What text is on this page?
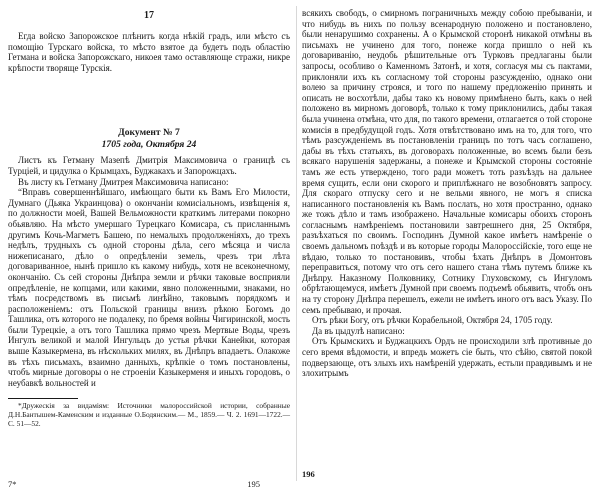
17

Егда войско Запорожское плѣнитъ когда нѣкій градъ, или мѣсто съ помощію Турскаго войска, то мѣсто взятое да будетъ подъ областію Гетмана и войска Запорожскаго, никоея тамо оставляюще стражи, никре крѣпости творяще Турскія.

Документ № 7
1705 года, Октября 24

Листъ къ Гетману Мазепѣ Дмитрія Максимовича о границѣ съ Турціей, и цидулка о Крымцахъ, Буджакахъ и Запорожцахъ.

Въ листу къ Гетману Дмитрея Максимовича написано:

“Вправъ совершеннѣйшаго, имѣющаго быти къ Вамъ Его Милости, Думнаго (Дьяка Украинцова) о окончаніи комисіальномъ, извѣщенія я, по должности моей, Вашей Вельможности краткимъ литерами покорно обьявляю. На мѣсто умершаго Турецкаго Комисара, съ присланнымъ другимъ Кочь-Магметъ Башею, по немалыхъ продолженіяхъ, до трехъ недѣлъ, трудныхъ съ одной стороны дѣла, сего мѣсяца и числа нижеписанаго, дѣло о опредѣленіи земель, чрезъ три лѣта договариванное, нынѣ пришло къ какому нибудь, хотя не всеконечному, окончанію. Съ сей стороны Днѣпра земли и рѣчки таковые восприяли опредѣленіе, не копцами, или какими, явно положенными, знаками, но тѣмъ посредствомъ въ письмѣ линѣйно, таковымъ порядкомъ и расположеніемъ: отъ Польской границы внизъ рѣкою Богомъ до Ташлика, отъ которого не подалеку, по бремя войны Чигиринской, мость были Турецкіе, а отъ того Ташлика прямо чрезъ Мертвые Воды, чрезъ Ингулъ великой и малой Ингульцъ до устья рѣчки Канейки, которая выше Казыкермена, въ нѣскольких милях, въ Днѣпръ впадаетъ. Олакоже въ тѣхъ письмахъ, взаимно данныхъ, крѣпкіе о томъ постановлены, чтобъ мирные договоры о не строеніи Казыкерменя и иныхъ городовъ, о неубавкѣ вольностей и

*Дружескія за видаміям: Источники малороссийской истории, собранные Д.Н.Бантышем-Каменским и изданные О.Бодянским.— М., 1859.— Ч. 2. 1691—1722.— С. 51—52.

7*	195

всякихъ свободъ, о смирномъ пограничныхъ между собою пребываніи, и что нибудь въ нихъ по пользу всенародную положено и постановлено, были ненарушимо сохранены. А о Крымской сторонѣ никакой отмѣны въ письмахъ не учинено для того, понеже когда пришло о ней къ договариванію, неудобь рѣшительные отъ Турковъ предлаганы были запросы, особливо о Каменномъ Затонѣ, и хотя, согласуя мы съ пактами, приклоняли ихъ къ согласному той стороны разсужденію, однако они волею за причину строяся, и того по нашему предложенію принять и описать не восхотѣли, дабы тако къ новому примѣнено быть, какъ о ней положено въ мирномъ договорѣ, только к тому приклонились, дабы такая была учинена отмѣна, что для, по такого времени, отлагается о той стороне комисія в предбудущой годъ. Хотя отвѣтствовано имъ на то, для того, что тѣмъ разсужденіемъ въ постановленіи границъ по тотъ часъ соглашено, дабы въ тѣхъ статьяхъ, въ договорахъ положенные, во всемъ были безъ всякаго нарушенія задержаны, а понеже и Крымской стороны состояніе тамъ же есть утверждено, того ради можетъ тоть разъѣздъ на дальнее время сущить, если они скорого и приплѣжнаго не возобновятъ запросу. Для скораго отпуску сего и не вельми явного, не могъ я списка написанного постановленія къ Вамъ послать, но хотя пространно, однако же тожъ дѣло и тамъ изображено. Начальные комисары обоихъ сторонъ согласнымъ намѣреніемъ постановили завтрешнего дня, 25 Октября, разъѣхаться по своимъ. Господинъ Думной какое имѣетъ намѣреніе о своемъ дальномъ поѣздѣ и въ которые городы Малороссійскіе, того еще не вѣдаю, только то постановивъ, чтобы ѣхать Днѣпръ в Домонтовъ переправиться, потому что отъ сего нашего стана тѣмъ путемъ ближе къ Днѣпру. Наказному Полковнику, Сотнику Глуховскому, съ Ингуломъ обрѣтающемуся, имѣетъ Думной при своемъ подъемѣ обьявить, чтобъ онъ на ту сторону Днѣпра перешелъ, ежели не имѣетъ иного отъ васъ Указу. По семъ пребываю, и прочая.

Отъ рѣки Богу, отъ рѣчки Корабельной, Октября 24, 1705 году.

Да въ цыдулѣ написано:

Отъ Крымскихъ и Буджацкихъ Ордъ не происходили злѣ противные до сего время вѣдомости, и впредь можетъ сіе быть, что сѣйю, святой покой подверзающе, отъ злыхъ ихъ намѣреній удержать, естьли правдивымъ и не злохитрымъ

196
